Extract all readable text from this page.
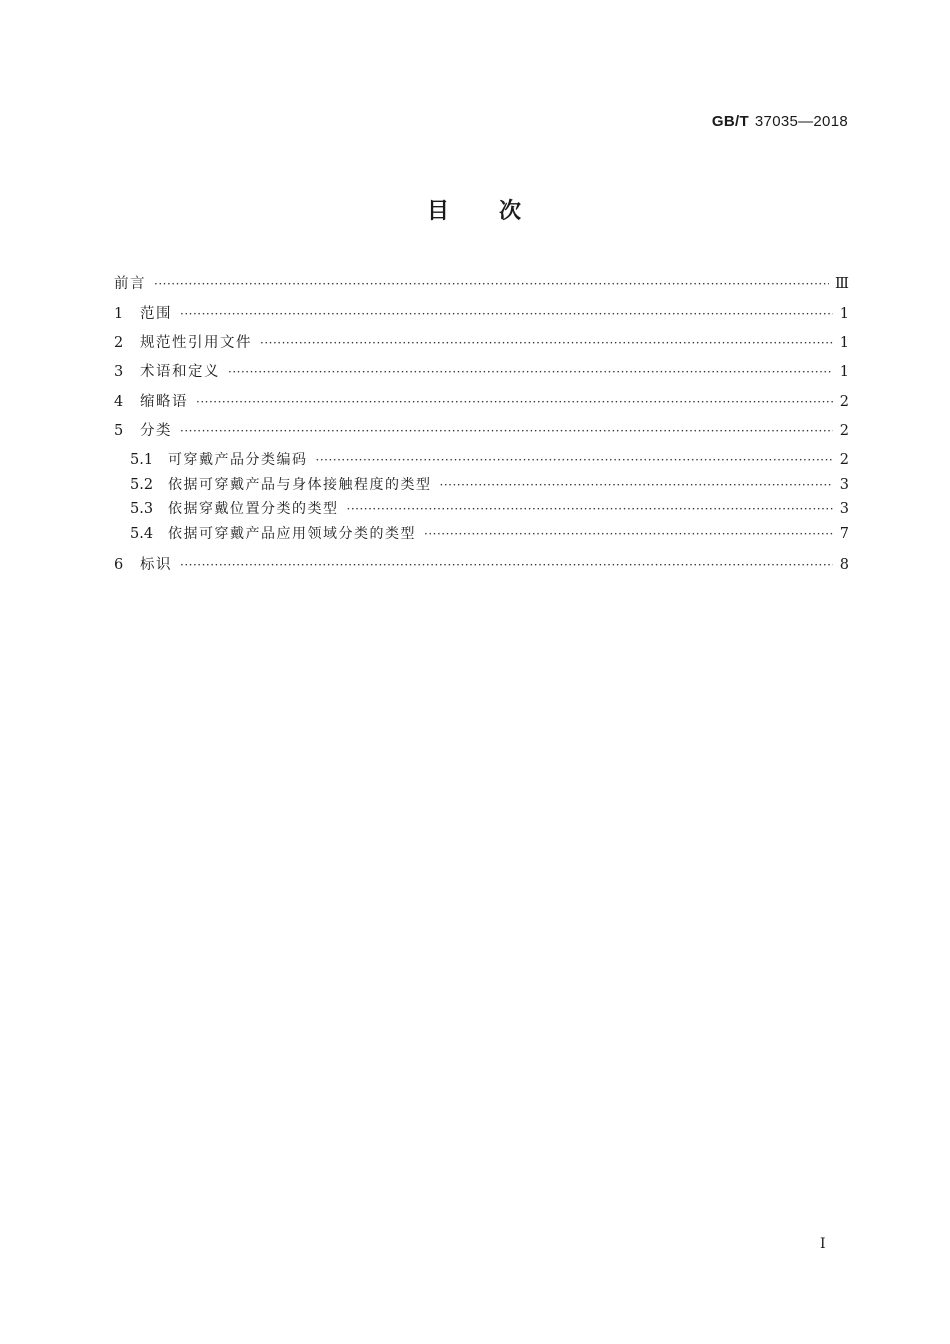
GB/T 37035—2018
目 次
前言 ·····	Ⅲ
1	范围 ·····	1
2	规范性引用文件 ·····	1
3	术语和定义 ·····	1
4	缩略语 ·····	2
5	分类 ·····	2
5.1	可穿戴产品分类编码 ·····	2
5.2	依据可穿戴产品与身体接触程度的类型 ·····	3
5.3	依据穿戴位置分类的类型 ·····	3
5.4	依据可穿戴产品应用领域分类的类型 ·····	7
6	标识 ·····	8
Ⅰ
